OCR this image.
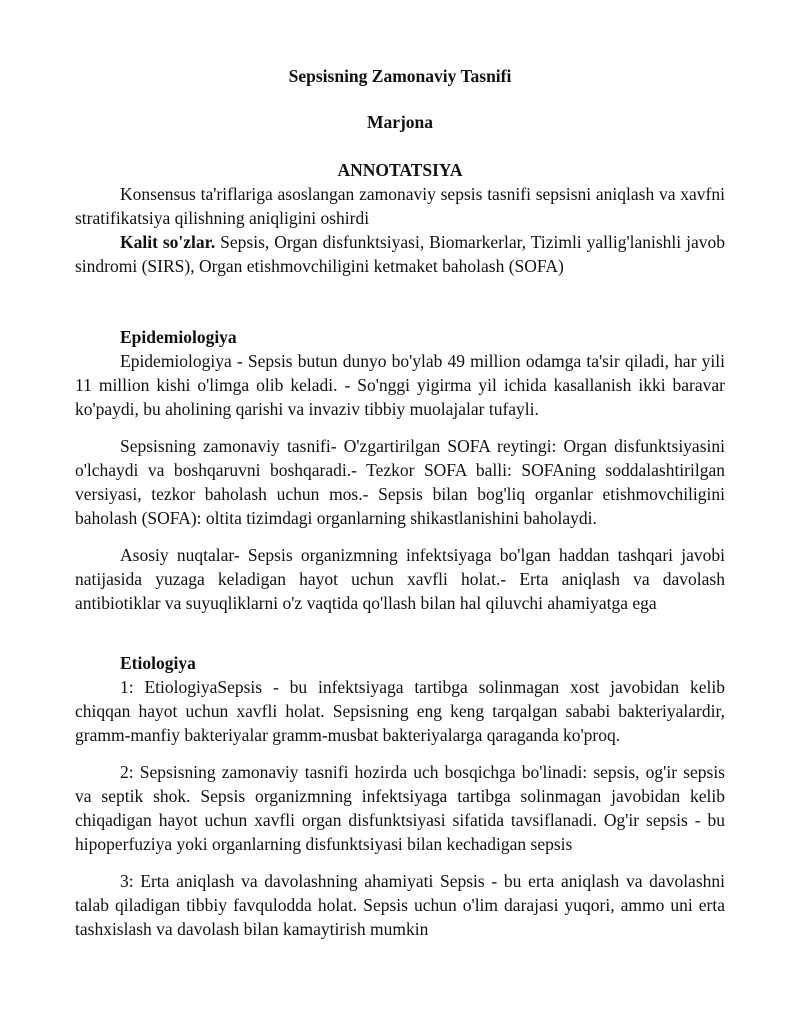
Sepsisning Zamonaviy Tasnifi
Marjona
ANNOTATSIYA

Konsensus ta'riflariga asoslangan zamonaviy sepsis tasnifi sepsisni aniqlash va xavfni stratifikatsiya qilishning aniqligini oshirdi

Kalit so'zlar. Sepsis, Organ disfunktsiyasi, Biomarkerlar, Tizimli yallig'lanishli javob sindromi (SIRS), Organ etishmovchiligini ketmaket baholash (SOFA)

Epidemiologiya

Epidemiologiya - Sepsis butun dunyo bo'ylab 49 million odamga ta'sir qiladi, har yili 11 million kishi o'limga olib keladi. - So'nggi yigirma yil ichida kasallanish ikki baravar ko'paydi, bu aholining qarishi va invaziv tibbiy muolajalar tufayli.

Sepsisning zamonaviy tasnifi- O'zgartirilgan SOFA reytingi: Organ disfunktsiyasini o'lchaydi va boshqaruvni boshqaradi.- Tezkor SOFA balli: SOFAning soddalashtirilgan versiyasi, tezkor baholash uchun mos.- Sepsis bilan bog'liq organlar etishmovchiligini baholash (SOFA): oltita tizimdagi organlarning shikastlanishini baholaydi.

Asosiy nuqtalar- Sepsis organizmning infektsiyaga bo'lgan haddan tashqari javobi natijasida yuzaga keladigan hayot uchun xavfli holat.- Erta aniqlash va davolash antibiotiklar va suyuqliklarni o'z vaqtida qo'llash bilan hal qiluvchi ahamiyatga ega

Etiologiya

1: EtiologiyaSepsis - bu infektsiyaga tartibga solinmagan xost javobidan kelib chiqqan hayot uchun xavfli holat. Sepsisning eng keng tarqalgan sababi bakteriyalardir, gramm-manfiy bakteriyalar gramm-musbat bakteriyalarga qaraganda ko'proq.

2: Sepsisning zamonaviy tasnifi hozirda uch bosqichga bo'linadi: sepsis, og'ir sepsis va septik shok. Sepsis organizmning infektsiyaga tartibga solinmagan javobidan kelib chiqadigan hayot uchun xavfli organ disfunktsiyasi sifatida tavsiflanadi. Og'ir sepsis - bu hipoperfuziya yoki organlarning disfunktsiyasi bilan kechadigan sepsis

3: Erta aniqlash va davolashning ahamiyati Sepsis - bu erta aniqlash va davolashni talab qiladigan tibbiy favqulodda holat. Sepsis uchun o'lim darajasi yuqori, ammo uni erta tashxislash va davolash bilan kamaytirish mumkin
